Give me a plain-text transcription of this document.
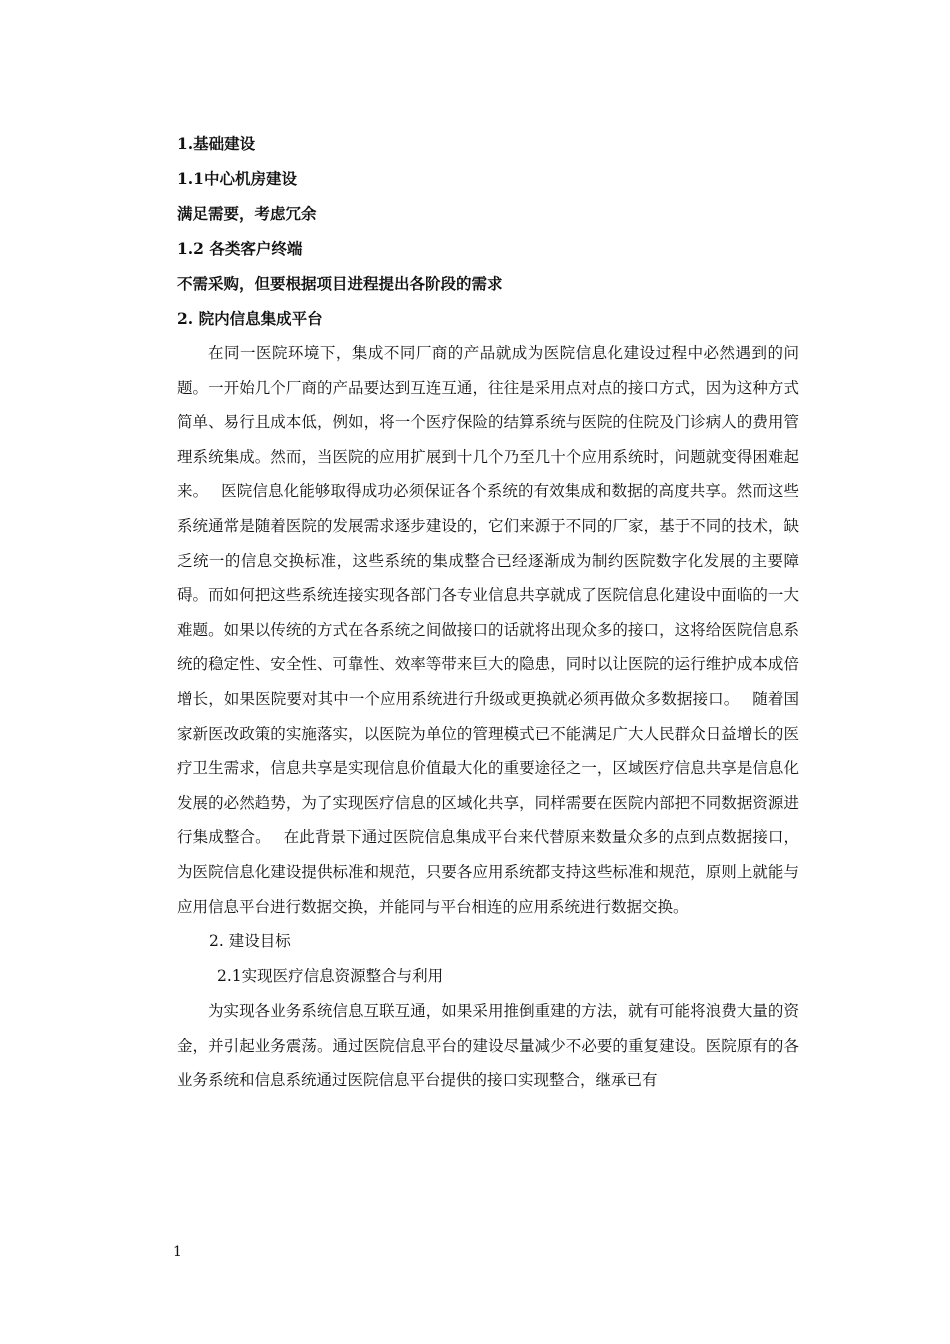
1.基础建设
1.1中心机房建设
满足需要，考虑冗余
1.2 各类客户终端
不需采购，但要根据项目进程提出各阶段的需求
2. 院内信息集成平台

在同一医院环境下，集成不同厂商的产品就成为医院信息化建设过程中必然遇到的问题。一开始几个厂商的产品要达到互连互通，往往是采用点对点的接口方式，因为这种方式简单、易行且成本低，例如，将一个医疗保险的结算系统与医院的住院及门诊病人的费用管理系统集成。然而，当医院的应用扩展到十几个乃至几十个应用系统时，问题就变得困难起来。　 医院信息化能够取得成功必须保证各个系统的有效集成和数据的高度共享。然而这些系统通常是随着医院的发展需求逐步建设的，它们来源于不同的厂家，基于不同的技术，缺乏统一的信息交换标准，这些系统的集成整合已经逐渐成为制约医院数字化发展的主要障碍。而如何把这些系统连接实现各部门各专业信息共享就成了医院信息化建设中面临的一大难题。如果以传统的方式在各系统之间做接口的话就将出现众多的接口，这将给医院信息系统的稳定性、安全性、可靠性、效率等带来巨大的隐患，同时以让医院的运行维护成本成倍增长，如果医院要对其中一个应用系统进行升级或更换就必须再做众多数据接口。　 随着国家新医改政策的实施落实，以医院为单位的管理模式已不能满足广大人民群众日益增长的医疗卫生需求，信息共享是实现信息价值最大化的重要途径之一，区域医疗信息共享是信息化发展的必然趋势，为了实现医疗信息的区域化共享，同样需要在医院内部把不同数据资源进行集成整合。　 在此背景下通过医院信息集成平台来代替原来数量众多的点到点数据接口，为医院信息化建设提供标准和规范，只要各应用系统都支持这些标准和规范，原则上就能与应用信息平台进行数据交换，并能同与平台相连的应用系统进行数据交换。

2. 建设目标
2.1实现医疗信息资源整合与利用

为实现各业务系统信息互联互通，如果采用推倒重建的方法，就有可能将浪费大量的资金，并引起业务震荡。通过医院信息平台的建设尽量减少不必要的重复建设。医院原有的各业务系统和信息系统通过医院信息平台提供的接口实现整合，继承已有

1
